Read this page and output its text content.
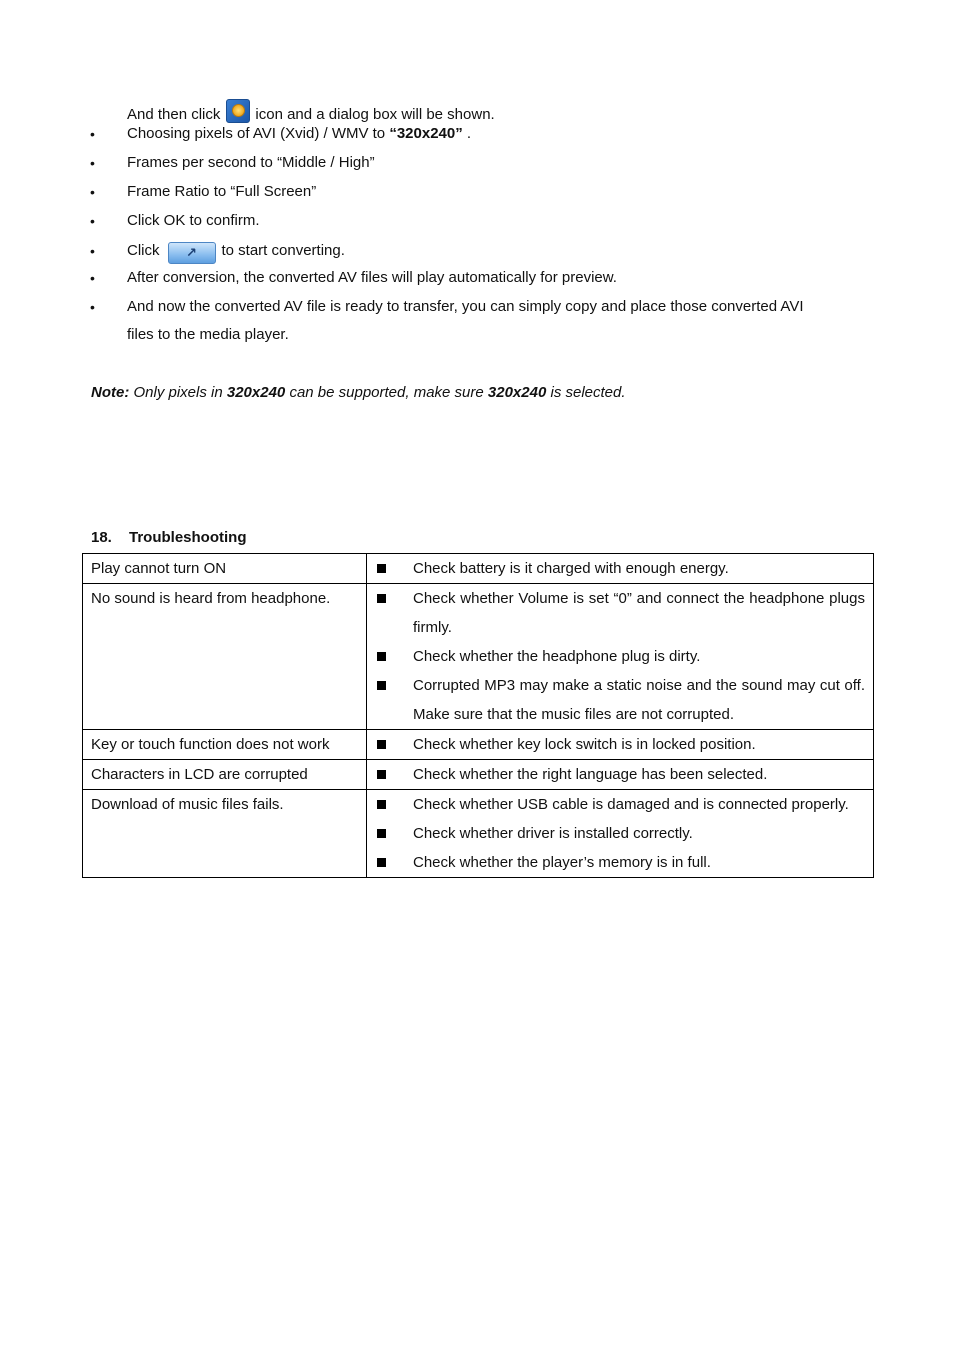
And then click icon and a dialog box will be shown.
• Choosing pixels of AVI (Xvid) / WMV to “320x240” .
• Frames per second to “Middle / High”
• Frame Ratio to “Full Screen”
• Click OK to confirm.
• Click ↗ to start converting.
• After conversion, the converted AV files will play automatically for preview.
• And now the converted AV file is ready to transfer, you can simply copy and place those converted AVI
files to the media player.
Note: Only pixels in 320x240 can be supported, make sure 320x240 is selected.
18. Troubleshooting
Play cannot turn ON	Check battery is it charged with enough energy.

No sound is heard from headphone.	Check whether Volume is set “0” and connect the headphone plugs firmly.
Check whether the headphone plug is dirty.
Corrupted MP3 may make a static noise and the sound may cut off. Make sure that the music files are not corrupted.

Key or touch function does not work	Check whether key lock switch is in locked position.

Characters in LCD are corrupted	Check whether the right language has been selected.

Download of music files fails.	Check whether USB cable is damaged and is connected properly.
Check whether driver is installed correctly.
Check whether the player’s memory is in full.
